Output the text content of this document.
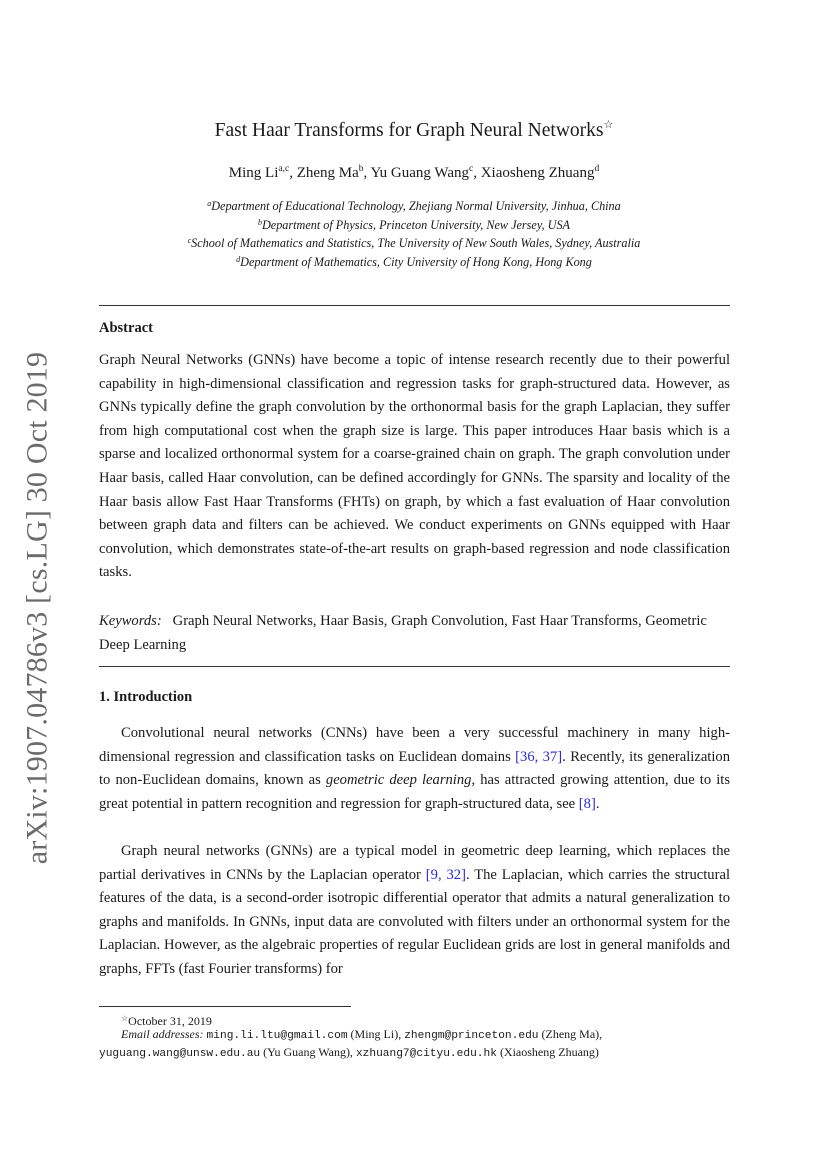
arXiv:1907.04786v3 [cs.LG] 30 Oct 2019
Fast Haar Transforms for Graph Neural Networks☆
Ming Li$^{a,c}$, Zheng Ma$^b$, Yu Guang Wang$^c$, Xiaosheng Zhuang$^d$
$^a$Department of Educational Technology, Zhejiang Normal University, Jinhua, China
$^b$Department of Physics, Princeton University, New Jersey, USA
$^c$School of Mathematics and Statistics, The University of New South Wales, Sydney, Australia
$^d$Department of Mathematics, City University of Hong Kong, Hong Kong
Abstract

Graph Neural Networks (GNNs) have become a topic of intense research recently due to their powerful capability in high-dimensional classification and regression tasks for graph-structured data. However, as GNNs typically define the graph convolution by the orthonormal basis for the graph Laplacian, they suffer from high computational cost when the graph size is large. This paper introduces Haar basis which is a sparse and localized orthonormal system for a coarse-grained chain on graph. The graph convolution under Haar basis, called Haar convolution, can be defined accordingly for GNNs. The sparsity and locality of the Haar basis allow Fast Haar Transforms (FHTs) on graph, by which a fast evaluation of Haar convolution between graph data and filters can be achieved. We conduct experiments on GNNs equipped with Haar convolution, which demonstrates state-of-the-art results on graph-based regression and node classification tasks.

Keywords: Graph Neural Networks, Haar Basis, Graph Convolution, Fast Haar Transforms, Geometric Deep Learning

1. Introduction

Convolutional neural networks (CNNs) have been a very successful machinery in many high-dimensional regression and classification tasks on Euclidean domains [36, 37]. Recently, its generalization to non-Euclidean domains, known as geometric deep learning, has attracted growing attention, due to its great potential in pattern recognition and regression for graph-structured data, see [8].

Graph neural networks (GNNs) are a typical model in geometric deep learning, which replaces the partial derivatives in CNNs by the Laplacian operator [9, 32]. The Laplacian, which carries the structural features of the data, is a second-order isotropic differential operator that admits a natural generalization to graphs and manifolds. In GNNs, input data are convoluted with filters under an orthonormal system for the Laplacian. However, as the algebraic properties of regular Euclidean grids are lost in general manifolds and graphs, FFTs (fast Fourier transforms) for

☆October 31, 2019
Email addresses: ming.li.ltu@gmail.com (Ming Li), zhengm@princeton.edu (Zheng Ma), yuguang.wang@unsw.edu.au (Yu Guang Wang), xzhuang7@cityu.edu.hk (Xiaosheng Zhuang)
